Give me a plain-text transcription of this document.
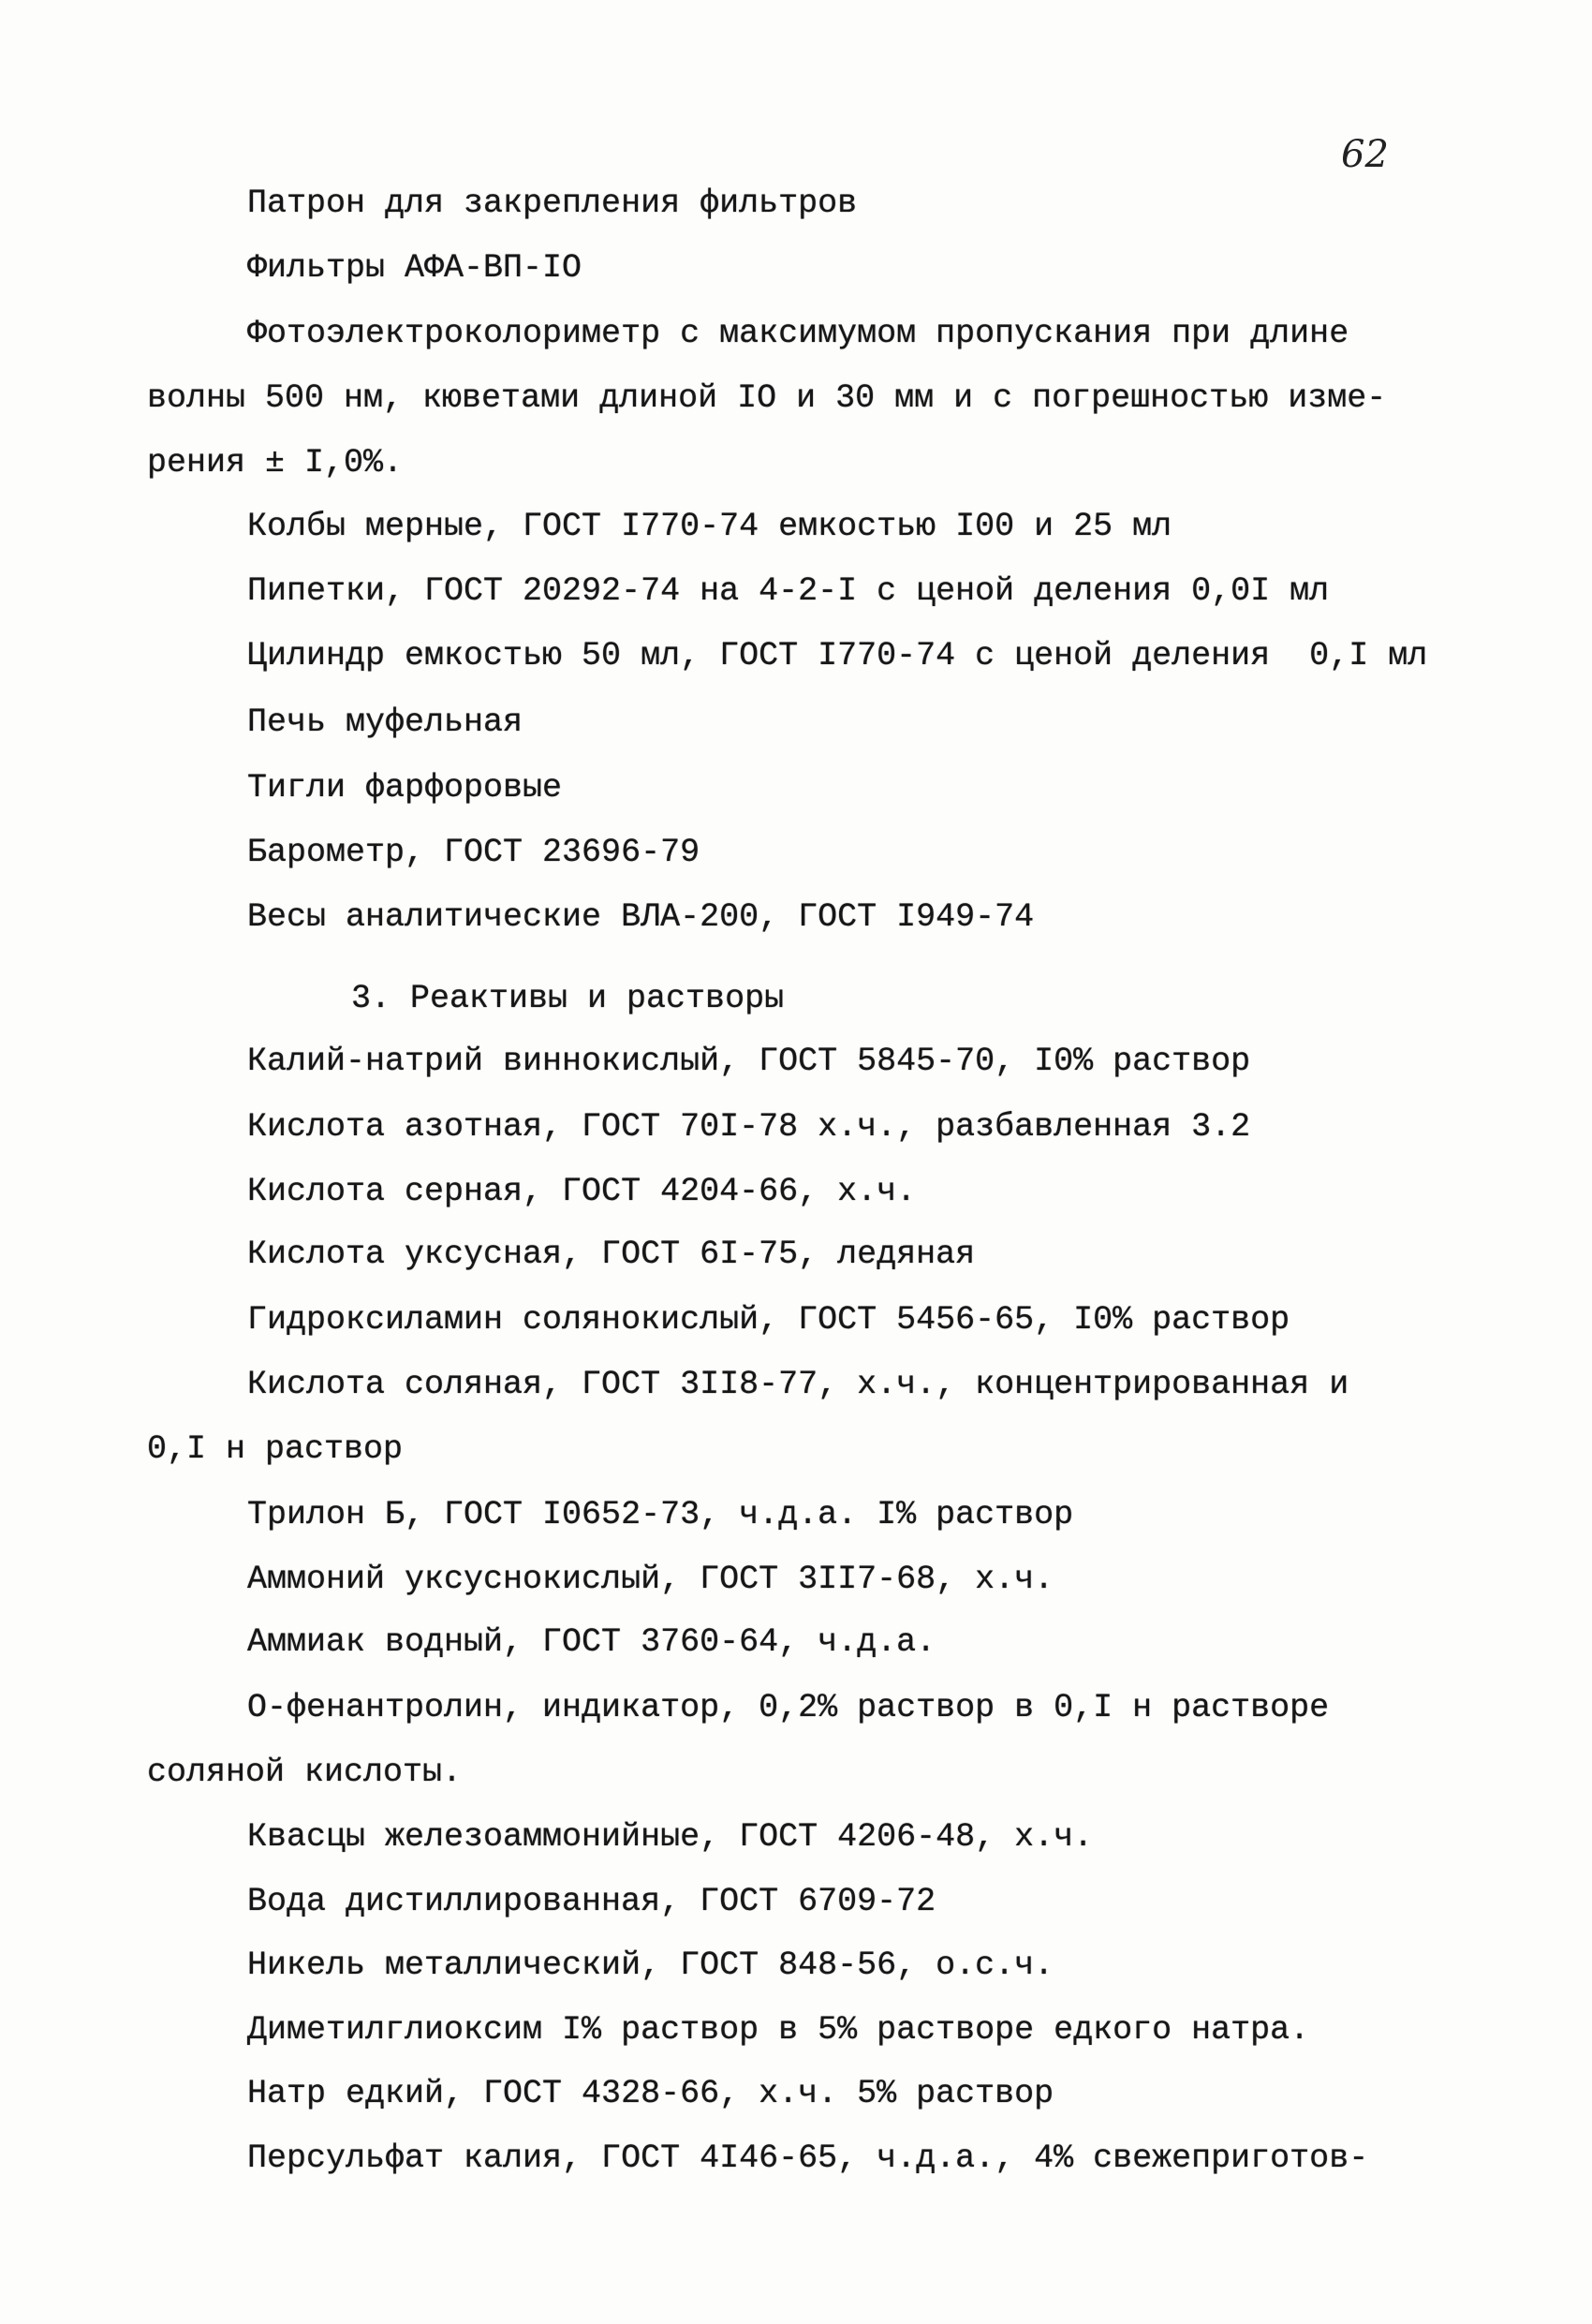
62
Патрон для закрепления фильтров
Фильтры АФА-ВП-IО
Фотоэлектроколориметр с максимумом пропускания при длине
волны 500 нм, кюветами длиной IО и 30 мм и с погрешностью изме-
рения ± I,0%.
Колбы мерные, ГОСТ I770-74 емкостью I00 и 25 мл
Пипетки, ГОСТ 20292-74 на 4-2-I с ценой деления 0,0I мл
Цилиндр емкостью 50 мл, ГОСТ I770-74 с ценой деления  0,I мл
Печь муфельная
Тигли фарфоровые
Барометр, ГОСТ 23696-79
Весы аналитические ВЛА-200, ГОСТ I949-74
3. Реактивы и растворы
Калий-натрий виннокислый, ГОСТ 5845-70, I0% раствор
Кислота азотная, ГОСТ 70I-78 х.ч., разбавленная 3.2
Кислота серная, ГОСТ 4204-66, х.ч.
Кислота уксусная, ГОСТ 6I-75, ледяная
Гидроксиламин солянокислый, ГОСТ 5456-65, I0% раствор
Кислота соляная, ГОСТ 3II8-77, х.ч., концентрированная и
0,I н раствор
Трилон Б, ГОСТ I0652-73, ч.д.а. I% раствор
Аммоний уксуснокислый, ГОСТ 3II7-68, х.ч.
Аммиак водный, ГОСТ 3760-64, ч.д.а.
О-фенантролин, индикатор, 0,2% раствор в 0,I н растворе
соляной кислоты.
Квасцы железоаммонийные, ГОСТ 4206-48, х.ч.
Вода дистиллированная, ГОСТ 6709-72
Никель металлический, ГОСТ 848-56, о.с.ч.
Диметилглиоксим I% раствор в 5% растворе едкого натра.
Натр едкий, ГОСТ 4328-66, х.ч. 5% раствор
Персульфат калия, ГОСТ 4I46-65, ч.д.а., 4% свежеприготов-
